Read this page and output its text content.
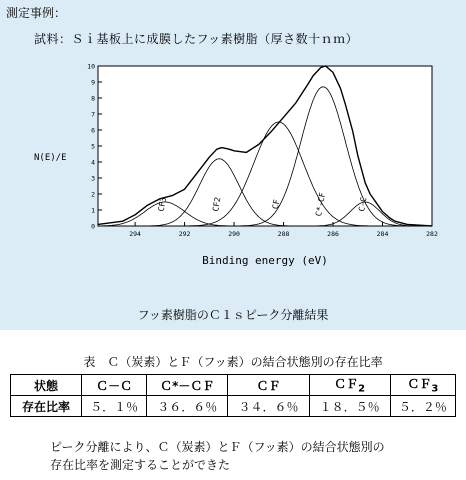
測定事例：
試料：Ｓｉ基板上に成膜したフッ素樹脂（厚さ数十ｎｍ）
0
1
2
3
4
5
6
7
8
9
10
294	292	290	288	286	284	282
N(E)/E
Binding energy (eV)
C-C
C*-CF
CF
CF2
CF3
フッ素樹脂のＣ１ｓピーク分離結果
表　Ｃ（炭素）とＦ（フッ素）の結合状態別の存在比率
状態	Ｃ－Ｃ	Ｃ*－ＣＦ	ＣＦ	ＣＦ$_2$	ＣＦ$_3$
存在比率	５．１％	３６．６％	３４．６％	１８．５％	５．２％
ピーク分離により、Ｃ（炭素）とＦ（フッ素）の結合状態別の
存在比率を測定することができた
